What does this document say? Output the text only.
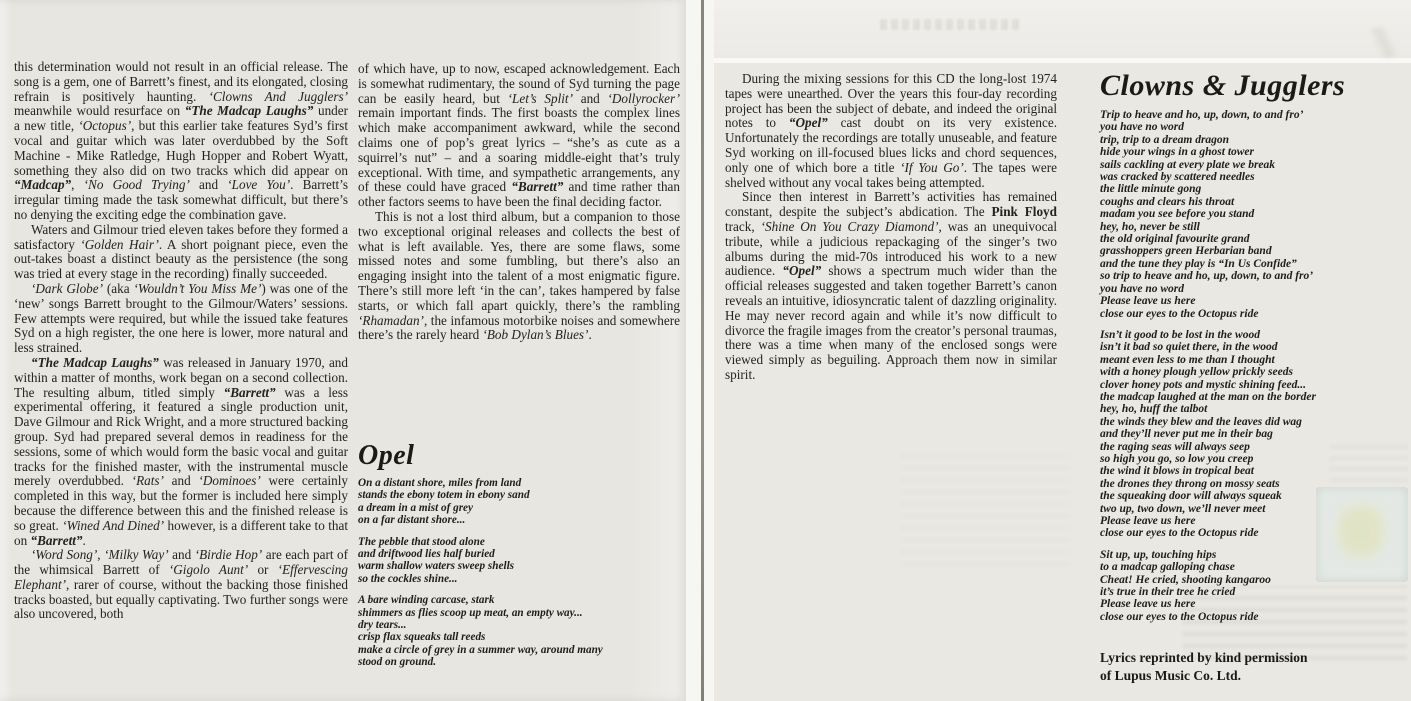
this determination would not result in an official release. The song is a gem, one of Barrett’s finest, and its elongated, closing refrain is positively haunting. ‘Clowns And Jugglers’ meanwhile would resurface on “The Madcap Laughs” under a new title, ‘Octopus’, but this earlier take features Syd’s first vocal and guitar which was later overdubbed by the Soft Machine - Mike Ratledge, Hugh Hopper and Robert Wyatt, something they also did on two tracks which did appear on “Madcap”, ‘No Good Trying’ and ‘Love You’. Barrett’s irregular timing made the task somewhat difficult, but there’s no denying the exciting edge the combination gave.

Waters and Gilmour tried eleven takes before they formed a satisfactory ‘Golden Hair’. A short poignant piece, even the out-takes boast a distinct beauty as the persistence (the song was tried at every stage in the recording) finally succeeded.

‘Dark Globe’ (aka ‘Wouldn’t You Miss Me’) was one of the ‘new’ songs Barrett brought to the Gilmour/Waters’ sessions. Few attempts were required, but while the issued take features Syd on a high register, the one here is lower, more natural and less strained.

“The Madcap Laughs” was released in January 1970, and within a matter of months, work began on a second collection. The resulting album, titled simply “Barrett” was a less experimental offering, it featured a single production unit, Dave Gilmour and Rick Wright, and a more structured backing group. Syd had prepared several demos in readiness for the sessions, some of which would form the basic vocal and guitar tracks for the finished master, with the instrumental muscle merely overdubbed. ‘Rats’ and ‘Dominoes’ were certainly completed in this way, but the former is included here simply because the difference between this and the finished release is so great. ‘Wined And Dined’ however, is a different take to that on “Barrett”.

‘Word Song’, ‘Milky Way’ and ‘Birdie Hop’ are each part of the whimsical Barrett of ‘Gigolo Aunt’ or ‘Effervescing Elephant’, rarer of course, without the backing those finished tracks boasted, but equally captivating. Two further songs were also uncovered, both

of which have, up to now, escaped acknowledgement. Each is somewhat rudimentary, the sound of Syd turning the page can be easily heard, but ‘Let’s Split’ and ‘Dollyrocker’ remain important finds. The first boasts the complex lines which make accompaniment awkward, while the second claims one of pop’s great lyrics – “she’s as cute as a squirrel’s nut” – and a soaring middle-eight that’s truly exceptional. With time, and sympathetic arrangements, any of these could have graced “Barrett” and time rather than other factors seems to have been the final deciding factor.

This is not a lost third album, but a companion to those two exceptional original releases and collects the best of what is left available. Yes, there are some flaws, some missed notes and some fumbling, but there’s also an engaging insight into the talent of a most enigmatic figure. There’s still more left ‘in the can’, takes hampered by false starts, or which fall apart quickly, there’s the rambling ‘Rhamadan’, the infamous motorbike noises and somewhere there’s the rarely heard ‘Bob Dylan’s Blues’.

Opel
On a distant shore, miles from land
stands the ebony totem in ebony sand
a dream in a mist of grey
on a far distant shore...
The pebble that stood alone
and driftwood lies half buried
warm shallow waters sweep shells
so the cockles shine...
A bare winding carcase, stark
shimmers as flies scoop up meat, an empty way...
dry tears...
crisp flax squeaks tall reeds
make a circle of grey in a summer way, around many
stood on ground.

During the mixing sessions for this CD the long-lost 1974 tapes were unearthed. Over the years this four-day recording project has been the subject of debate, and indeed the original notes to “Opel” cast doubt on its very existence. Unfortunately the recordings are totally unuseable, and feature Syd working on ill-focused blues licks and chord sequences, only one of which bore a title ‘If You Go’. The tapes were shelved without any vocal takes being attempted.

Since then interest in Barrett’s activities has remained constant, despite the subject’s abdication. The Pink Floyd track, ‘Shine On You Crazy Diamond’, was an unequivocal tribute, while a judicious repackaging of the singer’s two albums during the mid-70s introduced his work to a new audience. “Opel” shows a spectrum much wider than the official releases suggested and taken together Barrett’s canon reveals an intuitive, idiosyncratic talent of dazzling originality. He may never record again and while it’s now difficult to divorce the fragile images from the creator’s personal traumas, there was a time when many of the enclosed songs were viewed simply as beguiling. Approach them now in similar spirit.

Clowns & Jugglers
Trip to heave and ho, up, down, to and fro’
you have no word
trip, trip to a dream dragon
hide your wings in a ghost tower
sails cackling at every plate we break
was cracked by scattered needles
the little minute gong
coughs and clears his throat
madam you see before you stand
hey, ho, never be still
the old original favourite grand
grasshoppers green Herbarian band
and the tune they play is “In Us Confide”
so trip to heave and ho, up, down, to and fro’
you have no word
Please leave us here
close our eyes to the Octopus ride
Isn’t it good to be lost in the wood
isn’t it bad so quiet there, in the wood
meant even less to me than I thought
with a honey plough yellow prickly seeds
clover honey pots and mystic shining feed...
the madcap laughed at the man on the border
hey, ho, huff the talbot
the winds they blew and the leaves did wag
and they’ll never put me in their bag
the raging seas will always seep
so high you go, so low you creep
the wind it blows in tropical beat
the drones they throng on mossy seats
the squeaking door will always squeak
two up, two down, we’ll never meet
Please leave us here
close our eyes to the Octopus ride
Sit up, up, touching hips
to a madcap galloping chase
Cheat! He cried, shooting kangaroo
it’s true in their tree he cried
Please leave us here
close our eyes to the Octopus ride
Lyrics reprinted by kind permission
of Lupus Music Co. Ltd.
